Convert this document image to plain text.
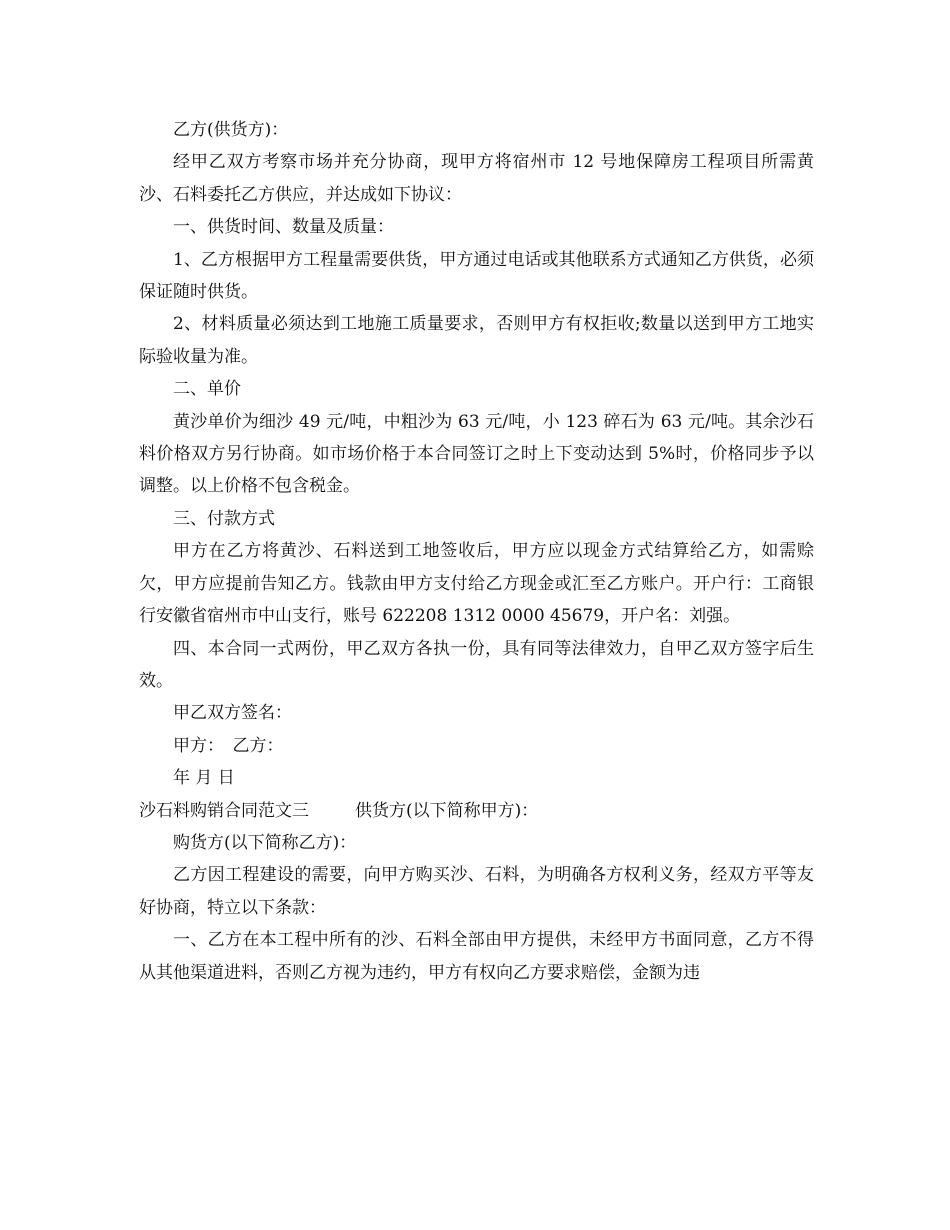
乙方(供货方)：

经甲乙双方考察市场并充分协商，现甲方将宿州市 12 号地保障房工程项目所需黄沙、石料委托乙方供应，并达成如下协议：

一、供货时间、数量及质量：

1、乙方根据甲方工程量需要供货，甲方通过电话或其他联系方式通知乙方供货，必须保证随时供货。

2、材料质量必须达到工地施工质量要求，否则甲方有权拒收;数量以送到甲方工地实际验收量为准。

二、单价

黄沙单价为细沙 49 元/吨，中粗沙为 63 元/吨，小 123 碎石为 63 元/吨。其余沙石料价格双方另行协商。如市场价格于本合同签订之时上下变动达到 5%时，价格同步予以调整。以上价格不包含税金。

三、付款方式

甲方在乙方将黄沙、石料送到工地签收后，甲方应以现金方式结算给乙方，如需赊欠，甲方应提前告知乙方。钱款由甲方支付给乙方现金或汇至乙方账户。开户行：工商银行安徽省宿州市中山支行，账号 622208 1312 0000 45679，开户名：刘强。

四、本合同一式两份，甲乙双方各执一份，具有同等法律效力，自甲乙双方签字后生效。

甲乙双方签名：

甲方：　乙方：

年 月 日

沙石料购销合同范文三	供货方(以下简称甲方)：

购货方(以下简称乙方)：

乙方因工程建设的需要，向甲方购买沙、石料，为明确各方权利义务，经双方平等友好协商，特立以下条款：

一、乙方在本工程中所有的沙、石料全部由甲方提供，未经甲方书面同意，乙方不得从其他渠道进料，否则乙方视为违约，甲方有权向乙方要求赔偿，金额为违
